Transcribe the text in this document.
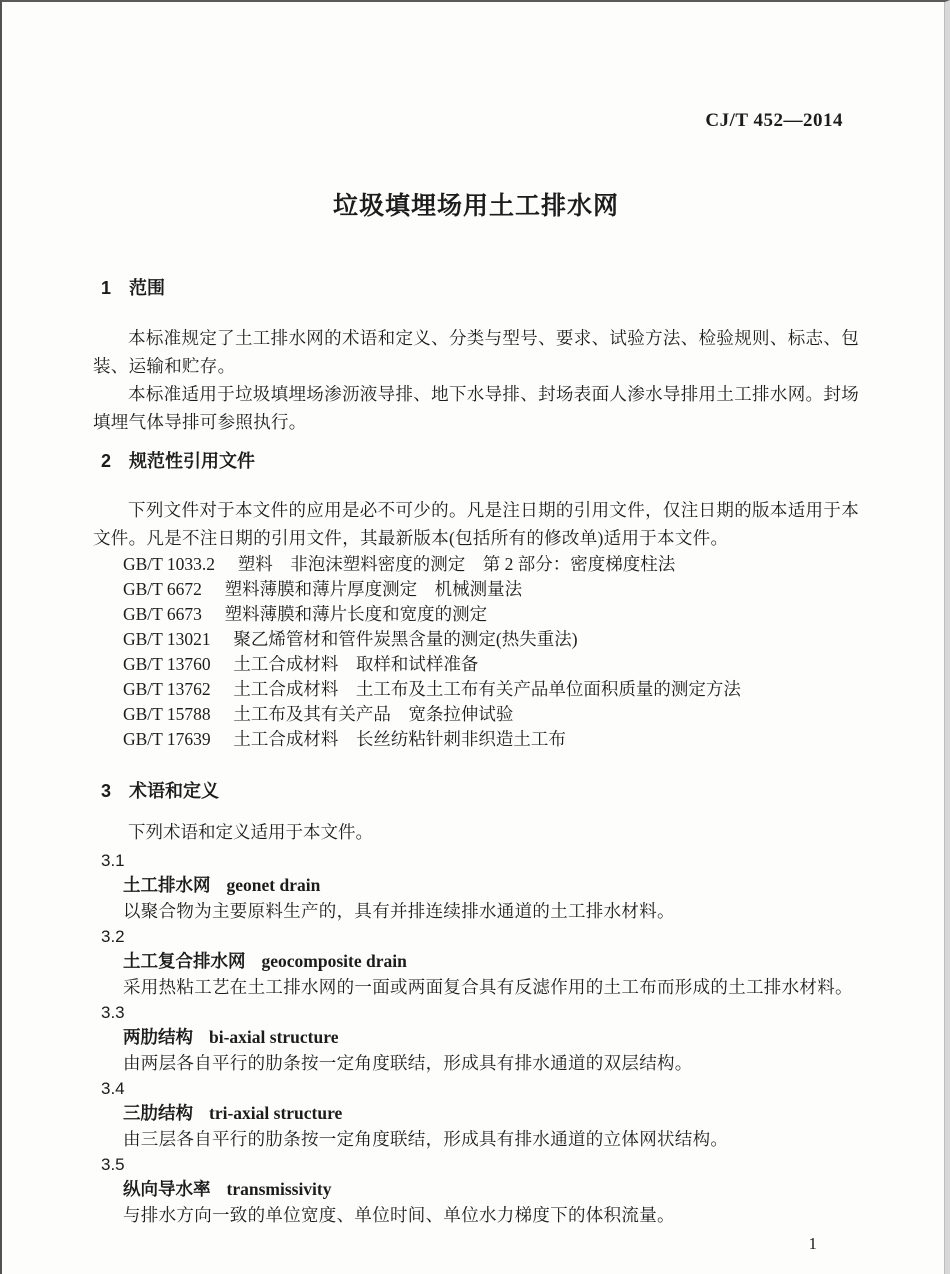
CJ/T 452—2014
垃圾填埋场用土工排水网
1 范围

本标准规定了土工排水网的术语和定义、分类与型号、要求、试验方法、检验规则、标志、包装、运输和贮存。

本标准适用于垃圾填埋场渗沥液导排、地下水导排、封场表面人渗水导排用土工排水网。封场填埋气体导排可参照执行。

2 规范性引用文件

下列文件对于本文件的应用是必不可少的。凡是注日期的引用文件，仅注日期的版本适用于本文件。凡是不注日期的引用文件，其最新版本(包括所有的修改单)适用于本文件。

GB/T 1033.2 塑料　非泡沫塑料密度的测定　第 2 部分：密度梯度柱法
GB/T 6672 塑料薄膜和薄片厚度测定　机械测量法
GB/T 6673 塑料薄膜和薄片长度和宽度的测定
GB/T 13021 聚乙烯管材和管件炭黑含量的测定(热失重法)
GB/T 13760 土工合成材料　取样和试样准备
GB/T 13762 土工合成材料　土工布及土工布有关产品单位面积质量的测定方法
GB/T 15788 土工布及其有关产品　宽条拉伸试验
GB/T 17639 土工合成材料　长丝纺粘针刺非织造土工布
3 术语和定义

下列术语和定义适用于本文件。

3.1
土工排水网 geonet drain
以聚合物为主要原料生产的，具有并排连续排水通道的土工排水材料。
3.2
土工复合排水网 geocomposite drain
采用热粘工艺在土工排水网的一面或两面复合具有反滤作用的土工布而形成的土工排水材料。
3.3
两肋结构 bi-axial structure
由两层各自平行的肋条按一定角度联结，形成具有排水通道的双层结构。
3.4
三肋结构 tri-axial structure
由三层各自平行的肋条按一定角度联结，形成具有排水通道的立体网状结构。
3.5
纵向导水率 transmissivity
与排水方向一致的单位宽度、单位时间、单位水力梯度下的体积流量。
1
